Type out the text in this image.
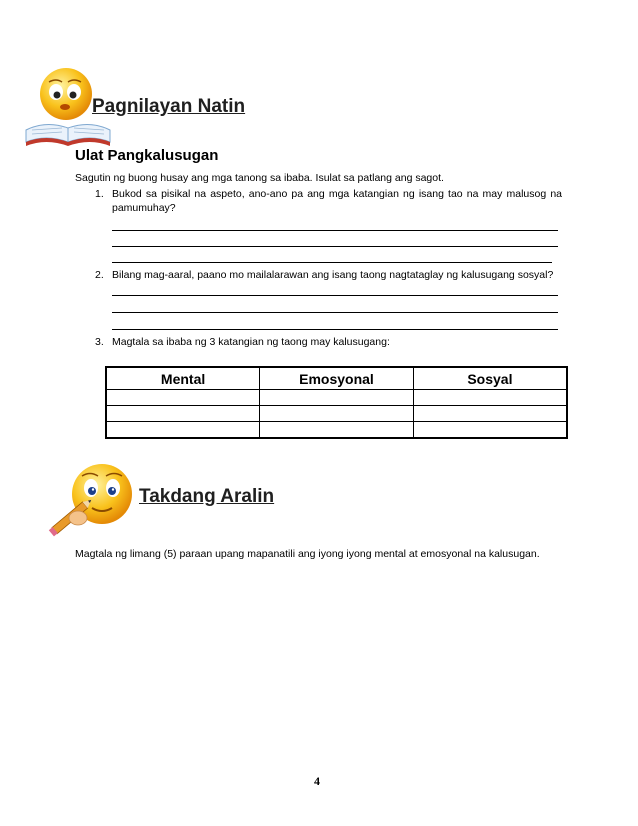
Pagnilayan Natin
Ulat Pangkalusugan
Sagutin ng buong husay ang mga tanong sa ibaba. Isulat sa patlang ang sagot.
1. Bukod sa pisikal na aspeto, ano-ano pa ang mga katangian ng isang tao na may malusog na pamumuhay?
2. Bilang mag-aaral, paano mo mailalarawan ang isang taong nagtataglay ng kalusugang sosyal?
3. Magtala sa ibaba ng 3 katangian ng taong may kalusugang:
Mental	Emosyonal	Sosyal

Takdang Aralin
Magtala ng limang (5) paraan upang mapanatili ang iyong iyong mental at emosyonal na kalusugan.
4
